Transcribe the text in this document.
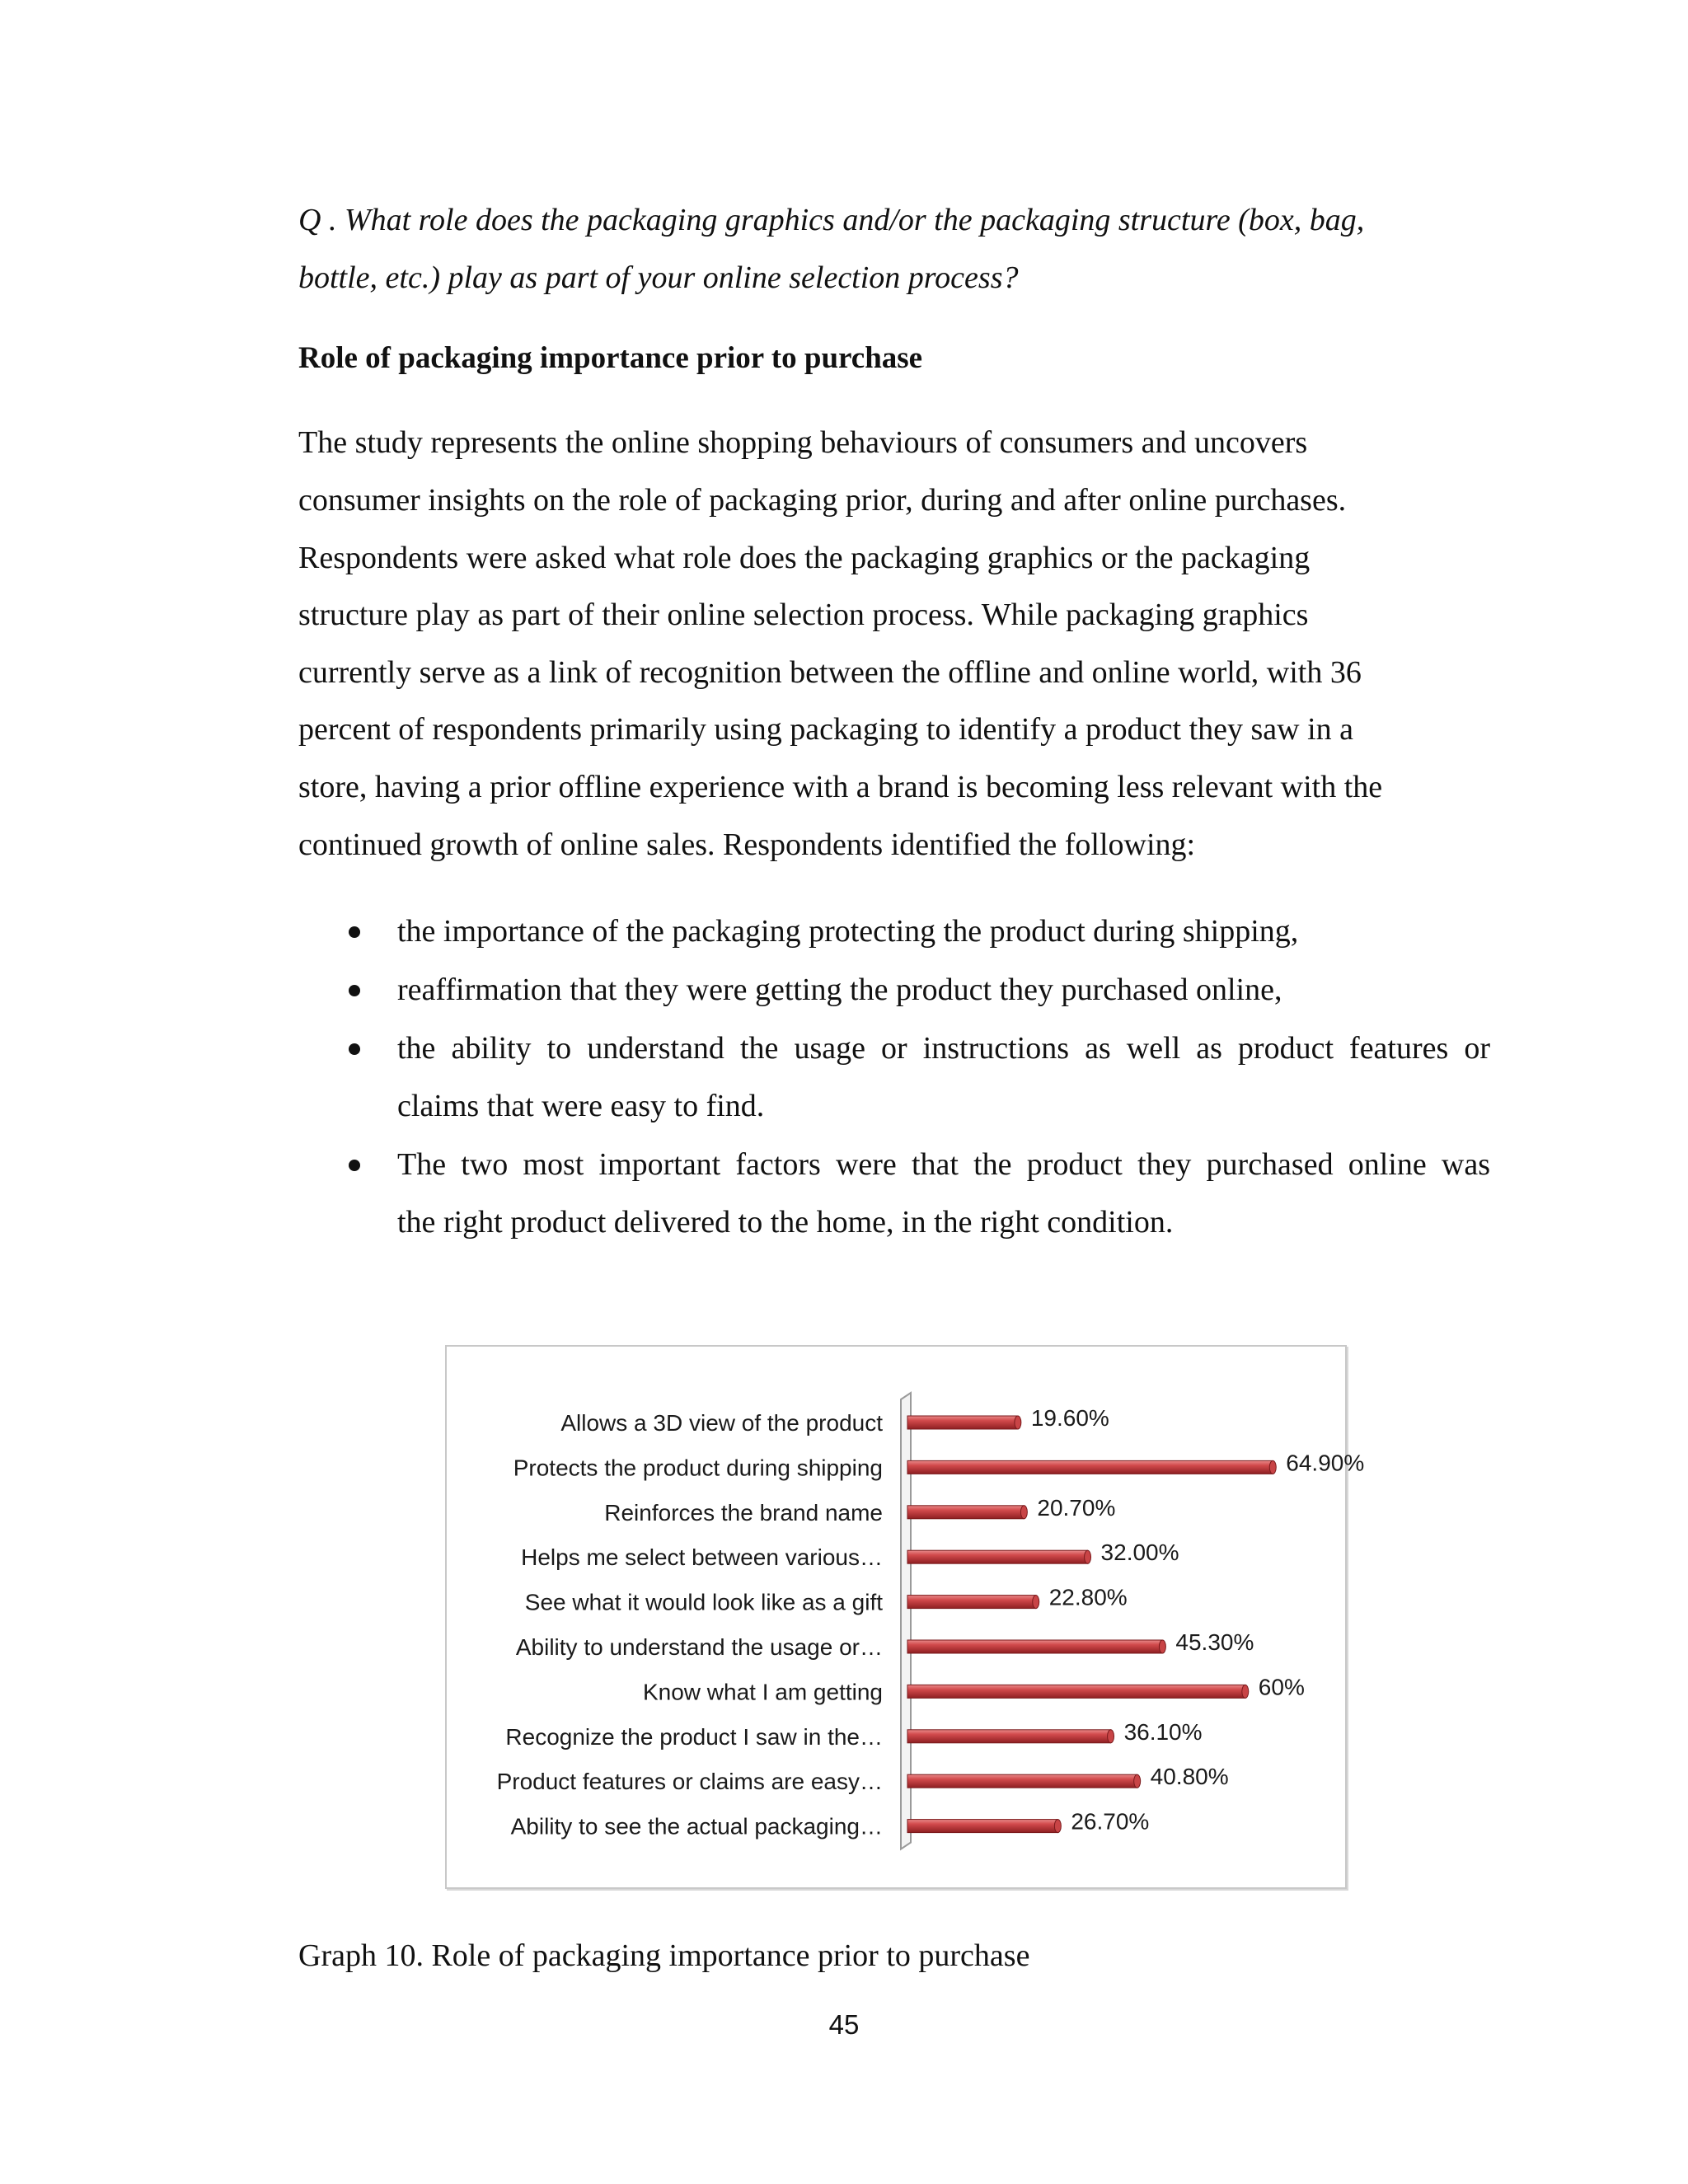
Q . What role does the packaging graphics and/or the packaging structure (box, bag,
bottle, etc.) play as part of your online selection process?
Role of packaging importance prior to purchase
The study represents the online shopping behaviours of consumers and uncovers
consumer insights on the role of packaging prior, during and after online purchases.
Respondents were asked what role does the packaging graphics or the packaging
structure play as part of their online selection process. While packaging graphics
currently serve as a link of recognition between the offline and online world, with 36
percent of respondents primarily using packaging to identify a product they saw in a
store, having a prior offline experience with a brand is becoming less relevant with the
continued growth of online sales. Respondents identified the following:
the importance of the packaging protecting the product during shipping,
reaffirmation that they were getting the product they purchased online,
the ability to understand the usage or instructions as well as product features or
claims that were easy to find.
The two most important factors were that the product they purchased online was
the right product delivered to the home, in the right condition.
Allows a 3D view of the product	19.60%
Protects the product during shipping	64.90%
Reinforces the brand name	20.70%
Helps me select between various…	32.00%
See what it would look like as a gift	22.80%
Ability to understand the usage or…	45.30%
Know what I am getting	60%
Recognize the product I saw in the…	36.10%
Product features or claims are easy…	40.80%
Ability to see the actual packaging…	26.70%
Graph 10. Role of packaging importance prior to purchase
45
